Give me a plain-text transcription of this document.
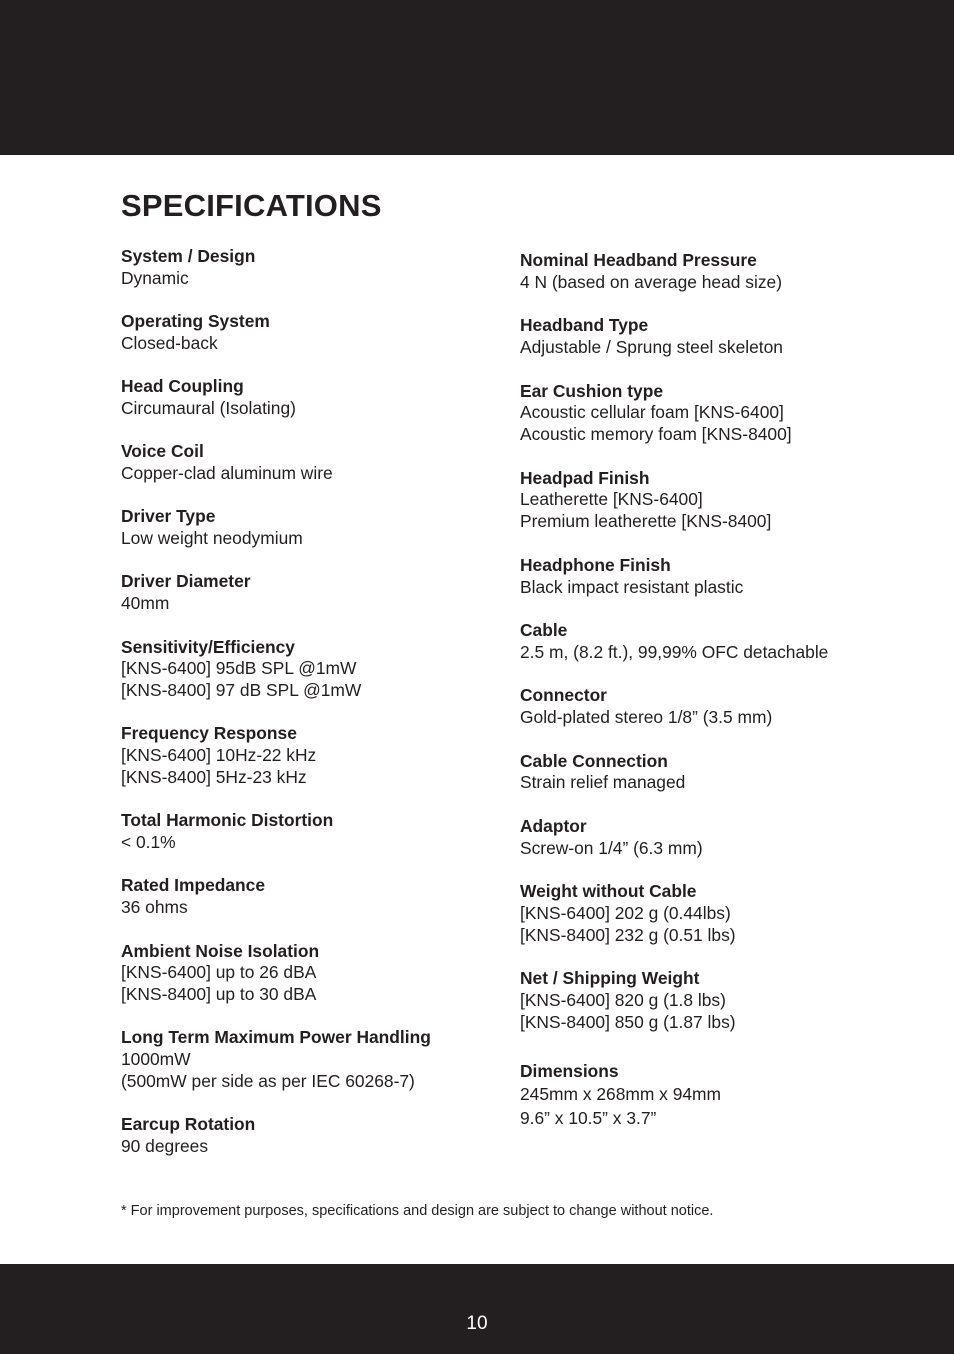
SPECIFICATIONS
System / Design
Dynamic
Operating System
Closed-back
Head Coupling
Circumaural (Isolating)
Voice Coil
Copper-clad aluminum wire
Driver Type
Low weight neodymium
Driver Diameter
40mm
Sensitivity/Efficiency
[KNS-6400] 95dB SPL @1mW
[KNS-8400] 97 dB SPL @1mW
Frequency Response
[KNS-6400] 10Hz-22 kHz
[KNS-8400] 5Hz-23 kHz
Total Harmonic Distortion
< 0.1%
Rated Impedance
36 ohms
Ambient Noise Isolation
[KNS-6400] up to 26 dBA
[KNS-8400] up to 30 dBA
Long Term Maximum Power Handling
1000mW
(500mW per side as per IEC 60268-7)
Earcup Rotation
90 degrees
Nominal Headband Pressure
4 N (based on average head size)
Headband Type
Adjustable / Sprung steel skeleton
Ear Cushion type
Acoustic cellular foam [KNS-6400]
Acoustic memory foam [KNS-8400]
Headpad Finish
Leatherette [KNS-6400]
Premium leatherette [KNS-8400]
Headphone Finish
Black impact resistant plastic
Cable
2.5 m, (8.2 ft.), 99,99% OFC detachable
Connector
Gold-plated stereo 1/8” (3.5 mm)
Cable Connection
Strain relief managed
Adaptor
Screw-on 1/4” (6.3 mm)
Weight without Cable
[KNS-6400] 202 g (0.44lbs)
[KNS-8400] 232 g (0.51 lbs)
Net / Shipping Weight
[KNS-6400] 820 g (1.8 lbs)
[KNS-8400] 850 g (1.87 lbs)
Dimensions
245mm x 268mm x 94mm
9.6” x 10.5” x 3.7”
* For improvement purposes, specifications and design are subject to change without notice.
10
